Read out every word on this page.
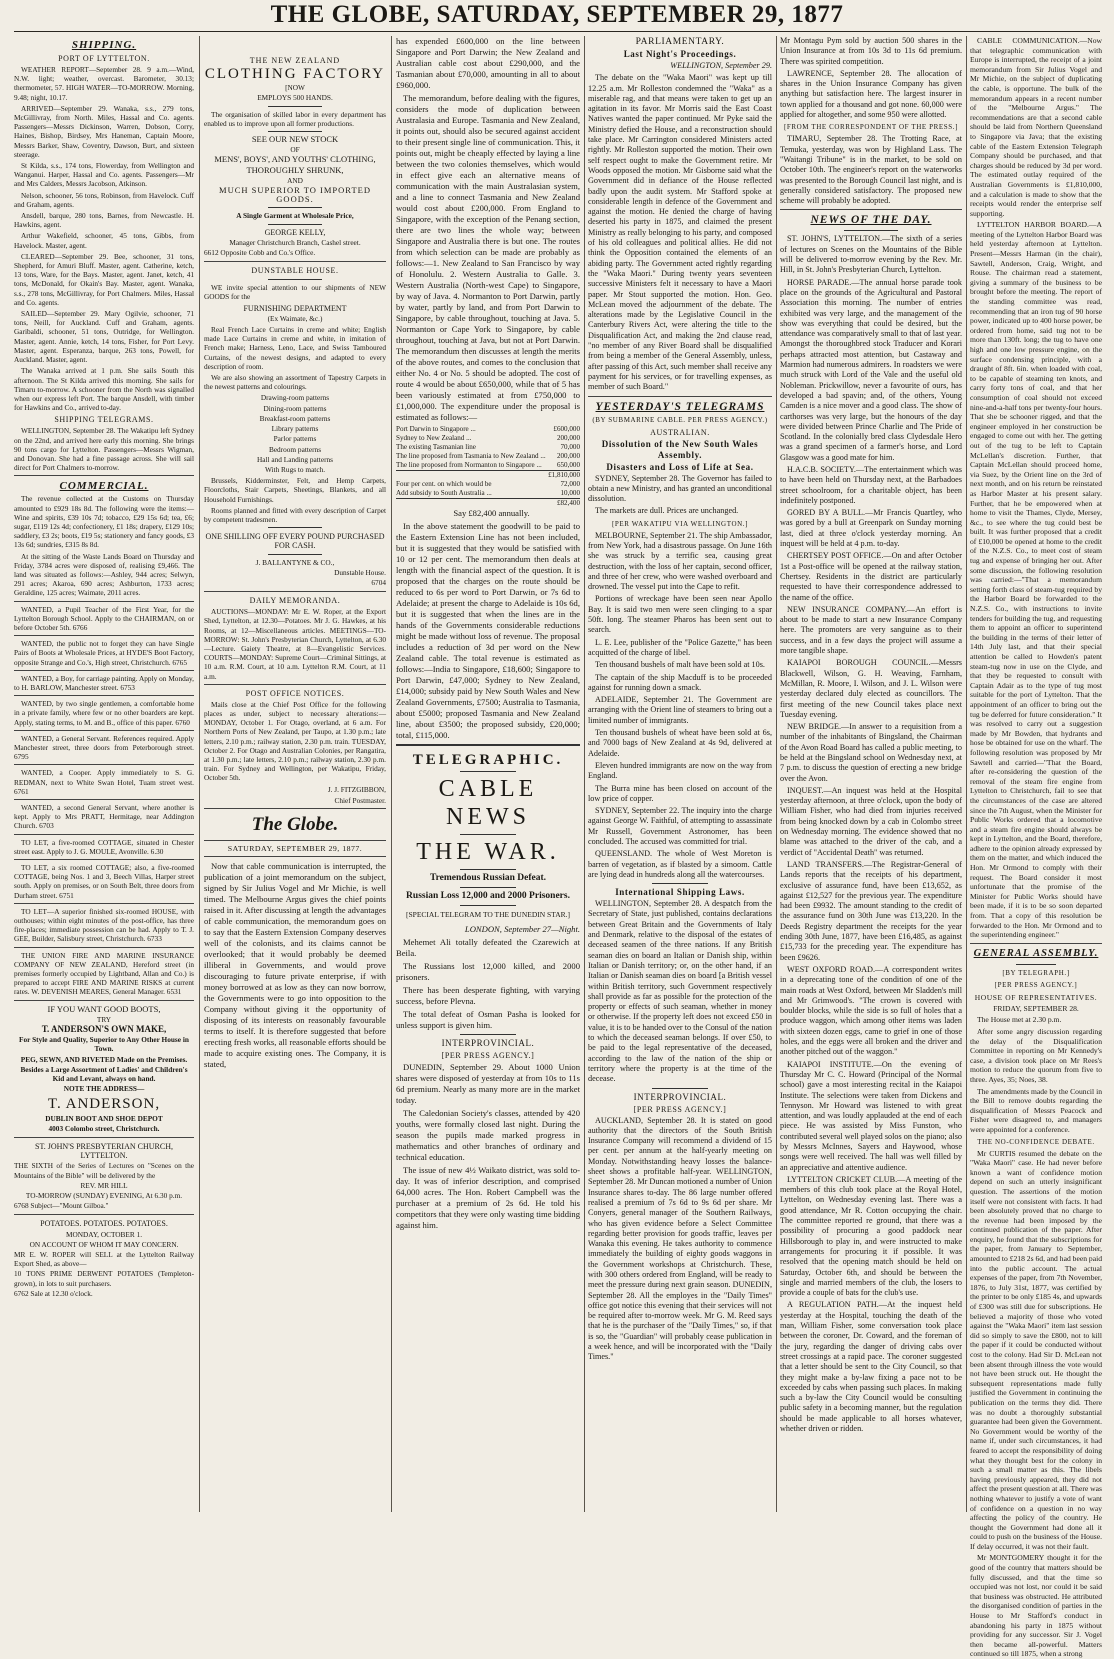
THE GLOBE, SATURDAY, SEPTEMBER 29, 1877
SHIPPING.
PORT OF LYTTELTON.

WEATHER REPORT—September 28. 9 a.m.—Wind, N.W. light; weather, overcast. Barometer, 30.13; thermometer, 57. HIGH WATER—TO-MORROW. Morning, 9.48; night, 10.17.

ARRIVED—September 29. Wanaka, s.s., 279 tons, McGillivray, from North. Miles, Hassal and Co. agents. Passengers—Messrs Dickinson, Warren, Dobson, Corry, Haines, Bishop, Birdsey, Mrs Haneman, Captain Moore, Messrs Barker, Shaw, Coventry, Dawson, Burt, and sixteen steerage.

St Kilda, s.s., 174 tons, Flowerday, from Wellington and Wanganui. Harper, Hassal and Co. agents. Passengers—Mr and Mrs Calders, Messrs Jacobson, Atkinson.

Nelson, schooner, 56 tons, Robinson, from Havelock. Cuff and Graham, agents.

Ansdell, barque, 280 tons, Barnes, from Newcastle. H. Hawkins, agent.

Arthur Wakefield, schooner, 45 tons, Gibbs, from Havelock. Master, agent.

CLEARED—September 29. Bee, schooner, 31 tons, Shepherd, for Amuri Bluff. Master, agent. Catherine, ketch, 13 tons, Ware, for the Bays. Master, agent. Janet, ketch, 41 tons, McDonald, for Okain's Bay. Master, agent. Wanaka, s.s., 278 tons, McGillivray, for Port Chalmers. Miles, Hassal and Co. agents.

SAILED—September 29. Mary Ogilvie, schooner, 71 tons, Neill, for Auckland. Cuff and Graham, agents. Garibaldi, schooner, 51 tons, Outridge, for Wellington. Master, agent. Annie, ketch, 14 tons, Fisher, for Port Levy. Master, agent. Esperanza, barque, 263 tons, Powell, for Auckland. Master, agent.

The Wanaka arrived at 1 p.m. She sails South this afternoon. The St Kilda arrived this morning. She sails for Timaru to-morrow. A schooner from the North was signalled when our express left Port. The barque Ansdell, with timber for Hawkins and Co., arrived to-day.

SHIPPING TELEGRAMS.

WELLINGTON, September 28. The Wakatipu left Sydney on the 22nd, and arrived here early this morning. She brings 90 tons cargo for Lyttelton. Passengers—Messrs Wigman, and Donovan. She had a fine passage across. She will sail direct for Port Chalmers to-morrow.

COMMERCIAL.

The revenue collected at the Customs on Thursday amounted to £929 18s 8d. The following were the items:—Wine and spirits, £39 10s 7d; tobacco, £29 15s 6d; tea, £6; sugar, £119 12s 4d; confectionery, £1 18s; drapery, £129 10s; saddlery, £3 2s; boots, £19 5s; stationery and fancy goods, £3 13s 6d; sundries, £315 8s 8d.

At the sitting of the Waste Lands Board on Thursday and Friday, 3784 acres were disposed of, realising £9,466. The land was situated as follows:—Ashley, 944 acres; Selwyn, 291 acres; Akaroa, 690 acres; Ashburton, 1733 acres; Geraldine, 125 acres; Waimate, 2011 acres.

WANTED, a Pupil Teacher of the First Year, for the Lyttelton Borough School. Apply to the CHAIRMAN, on or before October 5th. 6766

WANTED, the public not to forget they can have Single Pairs of Boots at Wholesale Prices, at HYDE'S Boot Factory, opposite Strange and Co.'s, High street, Christchurch. 6765

WANTED, a Boy, for carriage painting. Apply on Monday, to H. BARLOW, Manchester street. 6753

WANTED, by two single gentlemen, a comfortable home in a private family, where few or no other boarders are kept. Apply, stating terms, to M. and B., office of this paper. 6760

WANTED, a General Servant. References required. Apply Manchester street, three doors from Peterborough street. 6795

WANTED, a Cooper. Apply immediately to S. G. REDMAN, next to White Swan Hotel, Tuam street west. 6761

WANTED, a second General Servant, where another is kept. Apply to Mrs PRATT, Hermitage, near Addington Church. 6703

TO LET, a five-roomed COTTAGE, situated in Chester street east. Apply to J. G. MOULE, Avonville. 6.30

TO LET, a six roomed COTTAGE; also, a five-roomed COTTAGE, being Nos. 1 and 3, Beech Villas, Harper street south. Apply on premises, or on South Belt, three doors from Durham street. 6751

TO LET—A superior finished six-roomed HOUSE, with outhouses; within eight minutes of the post-office, has three fire-places; immediate possession can be had. Apply to T. J. GEE, Builder, Salisbury street, Christchurch. 6733

THE UNION FIRE AND MARINE INSURANCE COMPANY OF NEW ZEALAND, Hereford street (in premises formerly occupied by Lightband, Allan and Co.) is prepared to accept FIRE AND MARINE RISKS at current rates. W. DEVENISH MEARES, General Manager. 6531

IF YOU WANT GOOD BOOTS,

TRY

T. ANDERSON'S OWN MAKE,

For Style and Quality, Superior to Any Other House in Town.

PEG, SEWN, AND RIVETED Made on the Premises.

Besides a Large Assortment of Ladies' and Children's Kid and Levant, always on hand.

NOTE THE ADDRESS—

T. ANDERSON,

DUBLIN BOOT AND SHOE DEPOT

4003 Colombo street, Christchurch.

ST. JOHN'S PRESBYTERIAN CHURCH, LYTTELTON.

THE SIXTH of the Series of Lectures on "Scenes on the Mountains of the Bible" will be delivered by the

REV. MR HILL

TO-MORROW (SUNDAY) EVENING, At 6.30 p.m.

6768 Subject—"Mount Gilboa."

POTATOES. POTATOES. POTATOES.

MONDAY, OCTOBER 1.

ON ACCOUNT OF WHOM IT MAY CONCERN.

MR E. W. ROPER will SELL at the Lyttelton Railway Export Shed, as above—

10 TONS PRIME DERWENT POTATOES (Templeton-grown), in lots to suit purchasers.

6762 Sale at 12.30 o'clock.

THE NEW ZEALAND

CLOTHING FACTORY

[NOW

EMPLOYS 500 HANDS.

The organisation of skilled labor in every department has enabled us to improve upon all former productions.

SEE OUR NEW STOCK

OF

MENS', BOYS', AND YOUTHS' CLOTHING,

THOROUGHLY SHRUNK,

AND

MUCH SUPERIOR TO IMPORTED GOODS.

A Single Garment at Wholesale Price,

GEORGE KELLY,

Manager Christchurch Branch, Cashel street.

6612 Opposite Cobb and Co.'s Office.

DUNSTABLE HOUSE.

WE invite special attention to our shipments of NEW GOODS for the

FURNISHING DEPARTMENT

(Ex Waimate, &c.)

Real French Lace Curtains in creme and white; English made Lace Curtains in creme and white, in imitation of French make; Harness, Leno, Lace, and Swiss Tamboured Curtains, of the newest designs, and adapted to every description of room.

We are also showing an assortment of Tapestry Carpets in the newest patterns and colourings.

Drawing-room patterns

Dining-room patterns

Breakfast-room patterns

Library patterns

Parlor patterns

Bedroom patterns

Hall and Landing patterns

With Rugs to match.

Brussels, Kidderminster, Felt, and Hemp Carpets, Floorcloths, Stair Carpets, Sheetings, Blankets, and all Household Furnishings.

Rooms planned and fitted with every description of Carpet by competent tradesmen.

ONE SHILLING OFF EVERY POUND PURCHASED FOR CASH.

J. BALLANTYNE & CO.,

Dunstable House.

6704

DAILY MEMORANDA.

AUCTIONS—MONDAY: Mr E. W. Roper, at the Export Shed, Lyttelton, at 12.30—Potatoes. Mr J. G. Hawkes, at his Rooms, at 12—Miscellaneous articles. MEETINGS—TO-MORROW: St. John's Presbyterian Church, Lyttelton, at 6.30—Lecture. Gaiety Theatre, at 8—Evangelistic Services. COURTS—MONDAY: Supreme Court—Criminal Sittings, at 10 a.m. R.M. Court, at 10 a.m. Lyttelton R.M. Court, at 11 a.m.

POST OFFICE NOTICES.

Mails close at the Chief Post Office for the following places as under, subject to necessary alterations:— MONDAY, October 1. For Otago, overland, at 6 a.m. For Northern Ports of New Zealand, per Taupo, at 1.30 p.m.; late letters, 2.10 p.m.; railway station, 2.30 p.m. train. TUESDAY, October 2. For Otago and Australian Colonies, per Rangatira, at 1.30 p.m.; late letters, 2.10 p.m.; railway station, 2.30 p.m. train. For Sydney and Wellington, per Wakatipu, Friday, October 5th.

J. J. FITZGIBBON,

Chief Postmaster.

The Globe.

SATURDAY, SEPTEMBER 29, 1877.

Now that cable communication is interrupted, the publication of a joint memorandum on the subject, signed by Sir Julius Vogel and Mr Michie, is well timed. The Melbourne Argus gives the chief points raised in it. After discussing at length the advantages of cable communication, the memorandum goes on to say that the Eastern Extension Company deserves well of the colonists, and its claims cannot be overlooked; that it would probably be deemed illiberal in Governments, and would prove discouraging to future private enterprise, if with money borrowed at as low as they can now borrow, the Governments were to go into opposition to the Company without giving it the opportunity of disposing of its interests on reasonably favourable terms to itself. It is therefore suggested that before erecting fresh works, all reasonable efforts should be made to acquire existing ones. The Company, it is stated,

has expended £600,000 on the line between Singapore and Port Darwin; the New Zealand and Australian cable cost about £290,000, and the Tasmanian about £70,000, amounting in all to about £960,000.

The memorandum, before dealing with the figures, considers the mode of duplication between Australasia and Europe. Tasmania and New Zealand, it points out, should also be secured against accident to their present single line of communication. This, it points out, might be cheaply effected by laying a line between the two colonies themselves, which would in effect give each an alternative means of communication with the main Australasian system, and a line to connect Tasmania and New Zealand would cost about £200,000. From England to Singapore, with the exception of the Penang section, there are two lines the whole way; between Singapore and Australia there is but one. The routes from which selection can be made are probably as follows:—1. New Zealand to San Francisco by way of Honolulu. 2. Western Australia to Galle. 3. Western Australia (North-west Cape) to Singapore, by way of Java. 4. Normanton to Port Darwin, partly by water, partly by land, and from Port Darwin to Singapore, by cable throughout, touching at Java. 5. Normanton or Cape York to Singapore, by cable throughout, touching at Java, but not at Port Darwin. The memorandum then discusses at length the merits of the above routes, and comes to the conclusion that either No. 4 or No. 5 should be adopted. The cost of route 4 would be about £650,000, while that of 5 has been variously estimated at from £750,000 to £1,000,000. The expenditure under the proposal is estimated as follows:—

Port Darwin to Singapore ...	£600,000
Sydney to New Zealand ...	200,000
The existing Tasmanian line	70,000
The line proposed from Tasmania to New Zealand ... 200,000
The line proposed from Normanton to Singapore ... 650,000
£1,810,000
Four per cent. on which would be	72,000
Add subsidy to South Australia ...	10,000
£82,400

Say £82,400 annually.

In the above statement the goodwill to be paid to the Eastern Extension Line has not been included, but it is suggested that they would be satisfied with 10 or 12 per cent. The memorandum then deals at length with the financial aspect of the question. It is proposed that the charges on the route should be reduced to 6s per word to Port Darwin, or 7s 6d to Adelaide; at present the charge to Adelaide is 10s 6d, but it is suggested that when the lines are in the hands of the Governments considerable reductions might be made without loss of revenue. The proposal includes a reduction of 3d per word on the New Zealand cable. The total revenue is estimated as follows:—India to Singapore, £18,600; Singapore to Port Darwin, £47,000; Sydney to New Zealand, £14,000; subsidy paid by New South Wales and New Zealand Governments, £7500; Australia to Tasmania, about £5000; proposed Tasmania and New Zealand line, about £3500; the proposed subsidy, £20,000; total, £115,000.

TELEGRAPHIC.

CABLE NEWS

THE WAR.

Tremendous Russian Defeat.

Russian Loss 12,000 and 2000 Prisoners.

[SPECIAL TELEGRAM TO THE DUNEDIN STAR.]

LONDON, September 27—Night.

Mehemet Ali totally defeated the Czarewich at Beila.

The Russians lost 12,000 killed, and 2000 prisoners.

There has been desperate fighting, with varying success, before Plevna.

The total defeat of Osman Pasha is looked for unless support is given him.

INTERPROVINCIAL.
[PER PRESS AGENCY.]

DUNEDIN, September 29. About 1000 Union shares were disposed of yesterday at from 10s to 11s 6d premium. Nearly as many more are in the market today.

The Caledonian Society's classes, attended by 420 youths, were formally closed last night. During the season the pupils made marked progress in mathematics and other branches of ordinary and technical education.

The issue of new 4½ Waikato district, was sold to-day. It was of inferior description, and comprised 64,000 acres. The Hon. Robert Campbell was the purchaser at a premium of 2s 6d. He told his competitors that they were only wasting time bidding against him.

PARLIAMENTARY.
Last Night's Proceedings.

WELLINGTON, September 29.

The debate on the "Waka Maori" was kept up till 12.25 a.m. Mr Rolleston condemned the "Waka" as a miserable rag, and that means were taken to get up an agitation in its favor. Mr Morris said the East Coast Natives wanted the paper continued. Mr Pyke said the Ministry defied the House, and a reconstruction should take place. Mr Carrington considered Ministers acted rightly. Mr Rolleston supported the motion. Their own self respect ought to make the Government retire. Mr Woods opposed the motion. Mr Gisborne said what the Government did in defiance of the House reflected badly upon the audit system. Mr Stafford spoke at considerable length in defence of the Government and against the motion. He denied the charge of having deserted his party in 1875, and claimed the present Ministry as really belonging to his party, and composed of his old colleagues and political allies. He did not think the Opposition contained the elements of an abiding party. The Government acted rightly regarding the "Waka Maori." During twenty years seventeen successive Ministers felt it necessary to have a Maori paper. Mr Stout supported the motion. Hon. Geo. McLean moved the adjournment of the debate. The alterations made by the Legislative Council in the Canterbury Rivers Act, were altering the title to the Disqualification Act, and making the 2nd clause read, "no member of any River Board shall be disqualified from being a member of the General Assembly, unless, after passing of this Act, such member shall receive any payment for his services, or for travelling expenses, as member of such Board."

YESTERDAY'S TELEGRAMS
(BY SUBMARINE CABLE. PER PRESS AGENCY.)
AUSTRALIAN.
Dissolution of the New South Wales Assembly.
Disasters and Loss of Life at Sea.

SYDNEY, September 28. The Governor has failed to obtain a new Ministry, and has granted an unconditional dissolution.

The markets are dull. Prices are unchanged.

[PER WAKATIPU VIA WELLINGTON.]

MELBOURNE, September 21. The ship Ambassador, from New York, had a disastrous passage. On June 16th she was struck by a terrific sea, causing great destruction, with the loss of her captain, second officer, and three of her crew, who were washed overboard and drowned. The vessel put into the Cape to refit.

Portions of wreckage have been seen near Apollo Bay. It is said two men were seen clinging to a spar 50ft. long. The steamer Pharos has been sent out to search.

L. E. Lee, publisher of the "Police Gazette," has been acquitted of the charge of libel.

Ten thousand bushels of malt have been sold at 10s.

The captain of the ship Macduff is to be proceeded against for running down a smack.

ADELAIDE, September 21. The Government are arranging with the Orient line of steamers to bring out a limited number of immigrants.

Ten thousand bushels of wheat have been sold at 6s, and 7000 bags of New Zealand at 4s 9d, delivered at Adelaide.

Eleven hundred immigrants are now on the way from England.

The Burra mine has been closed on account of the low price of copper.

SYDNEY, September 22. The inquiry into the charge against George W. Faithful, of attempting to assassinate Mr Russell, Government Astronomer, has been concluded. The accused was committed for trial.

QUEENSLAND. The whole of West Moreton is barren of vegetation, as if blasted by a simoom. Cattle are lying dead in hundreds along all the watercourses.

International Shipping Laws.

WELLINGTON, September 28. A despatch from the Secretary of State, just published, contains declarations between Great Britain and the Governments of Italy and Denmark, relative to the disposal of the estates of deceased seamen of the three nations. If any British seaman dies on board an Italian or Danish ship, within Italian or Danish territory; or, on the other hand, if an Italian or Danish seaman dies on board [a British vessel within British territory, such Government respectively shall provide as far as possible for the protection of the property or effects of such seaman, whether in money or otherwise. If the property left does not exceed £50 in value, it is to be handed over to the Consul of the nation to which the deceased seaman belongs. If over £50, to be paid to the legal representative of the deceased, according to the law of the nation of the ship or territory where the property is at the time of the decease.

INTERPROVINCIAL.
[PER PRESS AGENCY.]

AUCKLAND, September 28. It is stated on good authority that the directors of the South British Insurance Company will recommend a dividend of 15 per cent. per annum at the half-yearly meeting on Monday. Notwithstanding heavy losses the balance-sheet shows a profitable half-year. WELLINGTON, September 28. Mr Duncan motioned a number of Union Insurance shares to-day. The 86 large number offered realised a premium of 7s 6d to 9s 6d per share. Mr Conyers, general manager of the Southern Railways, who has given evidence before a Select Committee regarding better provision for goods traffic, leaves per Wanaka this evening. He takes authority to commence immediately the building of eighty goods waggons in the Government workshops at Christchurch. These, with 300 others ordered from England, will be ready to meet the pressure during next grain season. DUNEDIN, September 28. All the employes in the "Daily Times" office got notice this evening that their services will not be required after to-morrow week. Mr G. M. Reed says that he is the purchaser of the "Daily Times," so, if that is so, the "Guardian" will probably cease publication in a week hence, and will be incorporated with the "Daily Times."

Mr Montagu Pym sold by auction 500 shares in the Union Insurance at from 10s 3d to 11s 6d premium. There was spirited competition.

LAWRENCE, September 28. The allocation of shares in the Union Insurance Company has given anything but satisfaction here. The largest insurer in town applied for a thousand and got none. 60,000 were applied for altogether, and some 950 were allotted.

[FROM THE CORRESPONDENT OF THE PRESS.]

TIMARU, September 28. The Trotting Race, at Temuka, yesterday, was won by Highland Lass. The "Waitangi Tribune" is in the market, to be sold on October 10th. The engineer's report on the waterworks was presented to the Borough Council last night, and is generally considered satisfactory. The proposed new scheme will probably be adopted.

NEWS OF THE DAY.

ST. JOHN'S, LYTTELTON.—The sixth of a series of lectures on Scenes on the Mountains of the Bible will be delivered to-morrow evening by the Rev. Mr. Hill, in St. John's Presbyterian Church, Lyttelton.

HORSE PARADE.—The annual horse parade took place on the grounds of the Agricultural and Pastoral Association this morning. The number of entries exhibited was very large, and the management of the show was everything that could be desired, but the attendance was comparatively small to that of last year. Amongst the thoroughbred stock Traducer and Korari perhaps attracted most attention, but Castaway and Marmion had numerous admirers. In roadsters we were much struck with Lord of the Vale and the useful old Nobleman. Prickwillow, never a favourite of ours, has developed a bad spavin; and, of the others, Young Camden is a nice mover and a good class. The show of carthorses was very large, but the honours of the day were divided between Prince Charlie and The Pride of Scotland. In the colonially bred class Clydesdale Hero was a grand specimen of a farmer's horse, and Lord Glasgow was a good mate for him.

H.A.C.B. SOCIETY.—The entertainment which was to have been held on Thursday next, at the Barbadoes street schoolroom, for a charitable object, has been indefinitely postponed.

GORED BY A BULL.—Mr Francis Quartley, who was gored by a bull at Greenpark on Sunday morning last, died at three o'clock yesterday morning. An inquest will be held at 4 p.m. to-day.

CHERTSEY POST OFFICE.—On and after October 1st a Post-office will be opened at the railway station, Chertsey. Residents in the district are particularly requested to have their correspondence addressed to the name of the office.

NEW INSURANCE COMPANY.—An effort is about to be made to start a new Insurance Company here. The promoters are very sanguine as to their success, and in a few days the project will assume a more tangible shape.

KAIAPOI BOROUGH COUNCIL.—Messrs Blackwell, Wilson, G. H. Weaving, Farnham, McMillan, R. Moore, I. Wilson, and J. L. Wilson were yesterday declared duly elected as councillors. The first meeting of the new Council takes place next Tuesday evening.

NEW BRIDGE.—In answer to a requisition from a number of the inhabitants of Bingsland, the Chairman of the Avon Road Board has called a public meeting, to be held at the Bingsland school on Wednesday next, at 7 p.m. to discuss the question of erecting a new bridge over the Avon.

INQUEST.—An inquest was held at the Hospital yesterday afternoon, at three o'clock, upon the body of William Fisher, who had died from injuries received from being knocked down by a cab in Colombo street on Wednesday morning. The evidence showed that no blame was attached to the driver of the cab, and a verdict of "Accidental Death" was returned.

LAND TRANSFERS.—The Registrar-General of Lands reports that the receipts of his department, exclusive of assurance fund, have been £13,652, as against £12,527 for the previous year. The expenditure had been £9932. The amount standing to the credit of the assurance fund on 30th June was £13,220. In the Deeds Registry department the receipts for the year ending 30th June, 1877, have been £16,485, as against £15,733 for the preceding year. The expenditure has been £9626.

WEST OXFORD ROAD.—A correspondent writes in a deprecating tone of the condition of one of the main roads at West Oxford, between Mr Sladden's mill and Mr Grimwood's. "The crown is covered with boulder blocks, while the side is so full of holes that a produce waggon, which among other items was laden with sixteen dozen eggs, came to grief in one of those holes, and the eggs were all broken and the driver and another pitched out of the waggon."

KAIAPOI INSTITUTE.—On the evening of Thursday Mr C. C. Howard (Principal of the Normal school) gave a most interesting recital in the Kaiapoi Institute. The selections were taken from Dickens and Tennyson. Mr Howard was listened to with great attention, and was loudly applauded at the end of each piece. He was assisted by Miss Funston, who contributed several well played solos on the piano; also by Messrs McInnes, Sayers and Haywood, whose songs were well received. The hall was well filled by an appreciative and attentive audience.

LYTTELTON CRICKET CLUB.—A meeting of the members of this club took place at the Royal Hotel, Lyttelton, on Wednesday evening last. There was a good attendance, Mr R. Cotton occupying the chair. The committee reported re ground, that there was a possibility of procuring a good paddock near Hillsborough to play in, and were instructed to make arrangements for procuring it if possible. It was resolved that the opening match should be held on Saturday, October 6th, and should be between the single and married members of the club, the losers to provide a couple of bats for the club's use.

A REGULATION PATH.—At the inquest held yesterday at the Hospital, touching the death of the man, William Fisher, some conversation took place between the coroner, Dr. Coward, and the foreman of the jury, regarding the danger of driving cabs over street crossings at a rapid pace. The coroner suggested that a letter should be sent to the City Council, so that they might make a by-law fixing a pace not to be exceeded by cabs when passing such places. In making such a by-law the City Council would be consulting public safety in a becoming manner, but the regulation should be made applicable to all horses whatever, whether driven or ridden.

CABLE COMMUNICATION.—Now that telegraphic communication with Europe is interrupted, the receipt of a joint memorandum from Sir Julius Vogel and Mr Michie, on the subject of duplicating the cable, is opportune. The bulk of the memorandum appears in a recent number of the "Melbourne Argus." The recommendations are that a second cable should be laid from Northern Queensland to Singapore via Java; that the existing cable of the Eastern Extension Telegraph Company should be purchased, and that charges should be reduced by 3d per word. The estimated outlay required of the Australian Governments is £1,810,000, and a calculation is made to show that the receipts would render the enterprise self supporting.

LYTTELTON HARBOR BOARD.—A meeting of the Lyttelton Harbor Board was held yesterday afternoon at Lyttelton. Present—Messrs Harman (in the chair), Sawtell, Anderson, Craig, Wright, and Rouse. The chairman read a statement, giving a summary of the business to be brought before the meeting. The report of the standing committee was read, recommending that an iron tug of 90 horse power, indicated up to 400 horse power, be ordered from home, said tug not to be more than 130ft. long; the tug to have one high and one low pressure engine, on the surface condensing principle, with a draught of 8ft. 6in. when loaded with coal, to be capable of steaming ten knots, and carry forty tons of coal, and that her consumption of coal should not exceed nine-and-a-half tons per twenty-four hours. That she be schooner rigged, and that the engineer employed in her construction be engaged to come out with her. The getting out of the tug to be left to Captain McLellan's discretion. Further, that Captain McLellan should proceed home, via Suez, by the Orient line on the 3rd of next month, and on his return be reinstated as Harbor Master at his present salary. Further, that he be empowered when at home to visit the Thames, Clyde, Mersey, &c., to see where the tug could best be built. It was further proposed that a credit of £10,000 be opened at home to the credit of the N.Z.S. Co., to meet cost of steam tug and expense of bringing her out. After some discussion, the following resolution was carried:—"That a memorandum setting forth class of steam-tug required by the Harbor Board be forwarded to the N.Z.S. Co., with instructions to invite tenders for building the tug, and requesting them to appoint an officer to superintend the building in the terms of their letter of 14th July last, and that their special attention be called to Howden's patent steam-tug now in use on the Clyde, and that they be requested to consult with Captain Adair as to the type of tug most suitable for the port of Lyttelton. That the appointment of an officer to bring out the tug be deferred for future consideration." It was resolved to carry out a suggestion made by Mr Bowden, that hydrants and hose be obtained for use on the wharf. The following resolution was proposed by Mr Sawtell and carried—"That the Board, after re-considering the question of the removal of the steam fire engine from Lyttelton to Christchurch, fail to see that the circumstances of the case are altered since the 7th August, when the Minister for Public Works ordered that a locomotive and a steam fire engine should always be kept in Lyttelton, and the Board, therefore, adhere to the opinion already expressed by them on the matter, and which induced the Hon. Mr Ormond to comply with their request. The Board consider it most unfortunate that the promise of the Minister for Public Works should have been made, if it is to be so soon departed from. That a copy of this resolution be forwarded to the Hon. Mr Ormond and to the superintending engineer."

GENERAL ASSEMBLY.
[BY TELEGRAPH.]
[PER PRESS AGENCY.]
HOUSE OF REPRESENTATIVES.

FRIDAY, SEPTEMBER 28.

The House met at 2.30 p.m.

After some angry discussion regarding the delay of the Disqualification Committee in reporting on Mr Kennedy's case, a division took place on Mr Rees's motion to reduce the quorum from five to three. Ayes, 35; Noes, 38.

The amendments made by the Council in the Bill to remove doubts regarding the disqualification of Messrs Peacock and Fisher were disagreed to, and managers were appointed for a conference.

THE NO-CONFIDENCE DEBATE.

Mr CURTIS resumed the debate on the "Waka Maori" case. He had never before known a want of confidence motion depend on such an utterly insignificant question. The assertions of the motion itself were not consistent with facts. It had been absolutely proved that no charge to the revenue had been imposed by the continued publication of the paper. After enquiry, he found that the subscriptions for the paper, from January to September, amounted to £218 2s 6d, and had been paid into the public account. The actual expenses of the paper, from 7th November, 1876, to July 31st, 1877, was certified by the printer to be only £185 4s, and upwards of £300 was still due for subscriptions. He believed a majority of those who voted against the "Waka Maori" item last session did so simply to save the £800, not to kill the paper if it could be conducted without cost to the colony. Had Sir D. McLean not been absent through illness the vote would not have been struck out. He thought the subsequent representations made fully justified the Government in continuing the publication on the terms they did. There was no doubt a thoroughly substantial guarantee had been given the Government. No Government would be worthy of the name if, under such circumstances, it had feared to accept the responsibility of doing what they thought best for the colony in such a small matter as this. The libels having previously appeared, they did not affect the present question at all. There was nothing whatever to justify a vote of want of confidence on a question in no way affecting the policy of the country. He thought the Government had done all it could to push on the business of the House. If delay occurred, it was not their fault.

Mr MONTGOMERY thought it for the good of the country that matters should be fully discussed, and that the time so occupied was not lost, nor could it be said that business was obstructed. He attributed the disorganised condition of parties in the House to Mr Stafford's conduct in abandoning his party in 1875 without providing for any successor. Sir J. Vogel then became all-powerful. Matters continued so till 1875, when a strong
